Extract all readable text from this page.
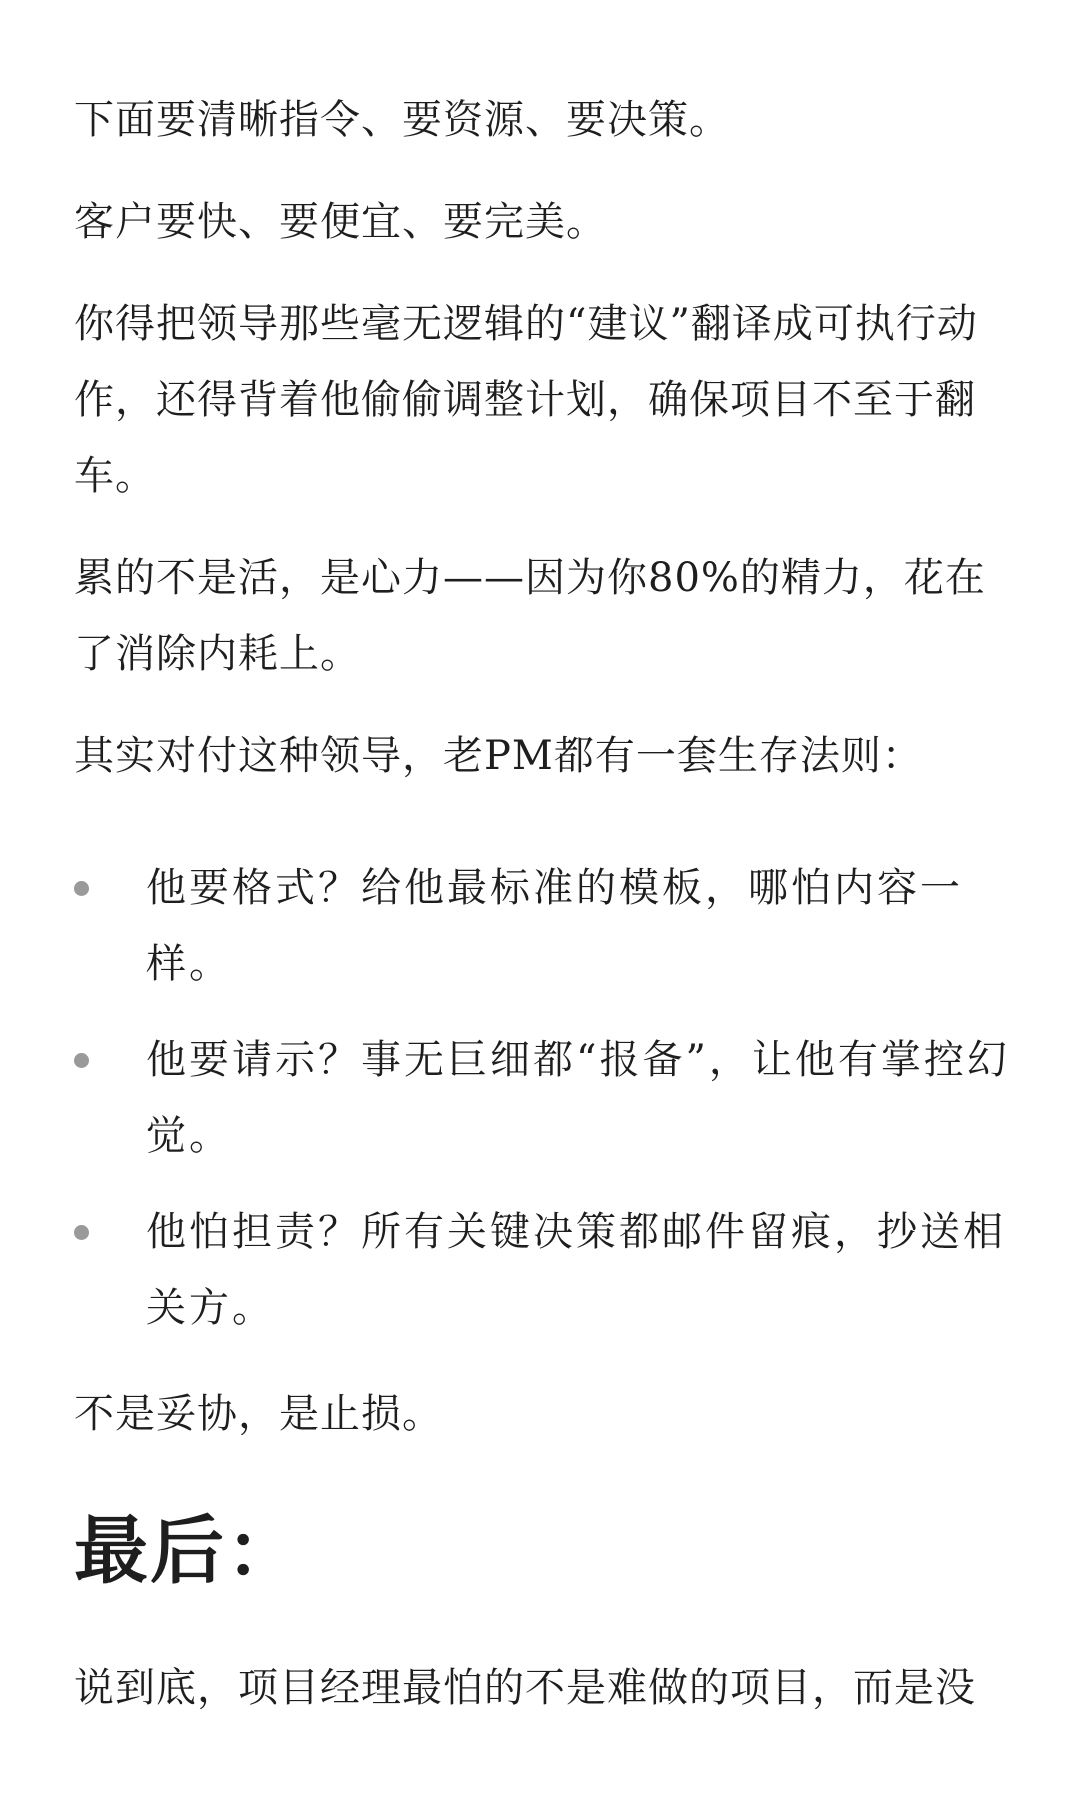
下面要清晰指令、要资源、要决策。

客户要快、要便宜、要完美。

你得把领导那些毫无逻辑的“建议”翻译成可执行动作，还得背着他偷偷调整计划，确保项目不至于翻车。

累的不是活，是心力——因为你80%的精力，花在了消除内耗上。

其实对付这种领导，老PM都有一套生存法则：

他要格式？给他最标准的模板，哪怕内容一样。
他要请示？事无巨细都“报备”，让他有掌控幻觉。
他怕担责？所有关键决策都邮件留痕，抄送相关方。

不是妥协，是止损。

最后：

说到底，项目经理最怕的不是难做的项目，而是没
